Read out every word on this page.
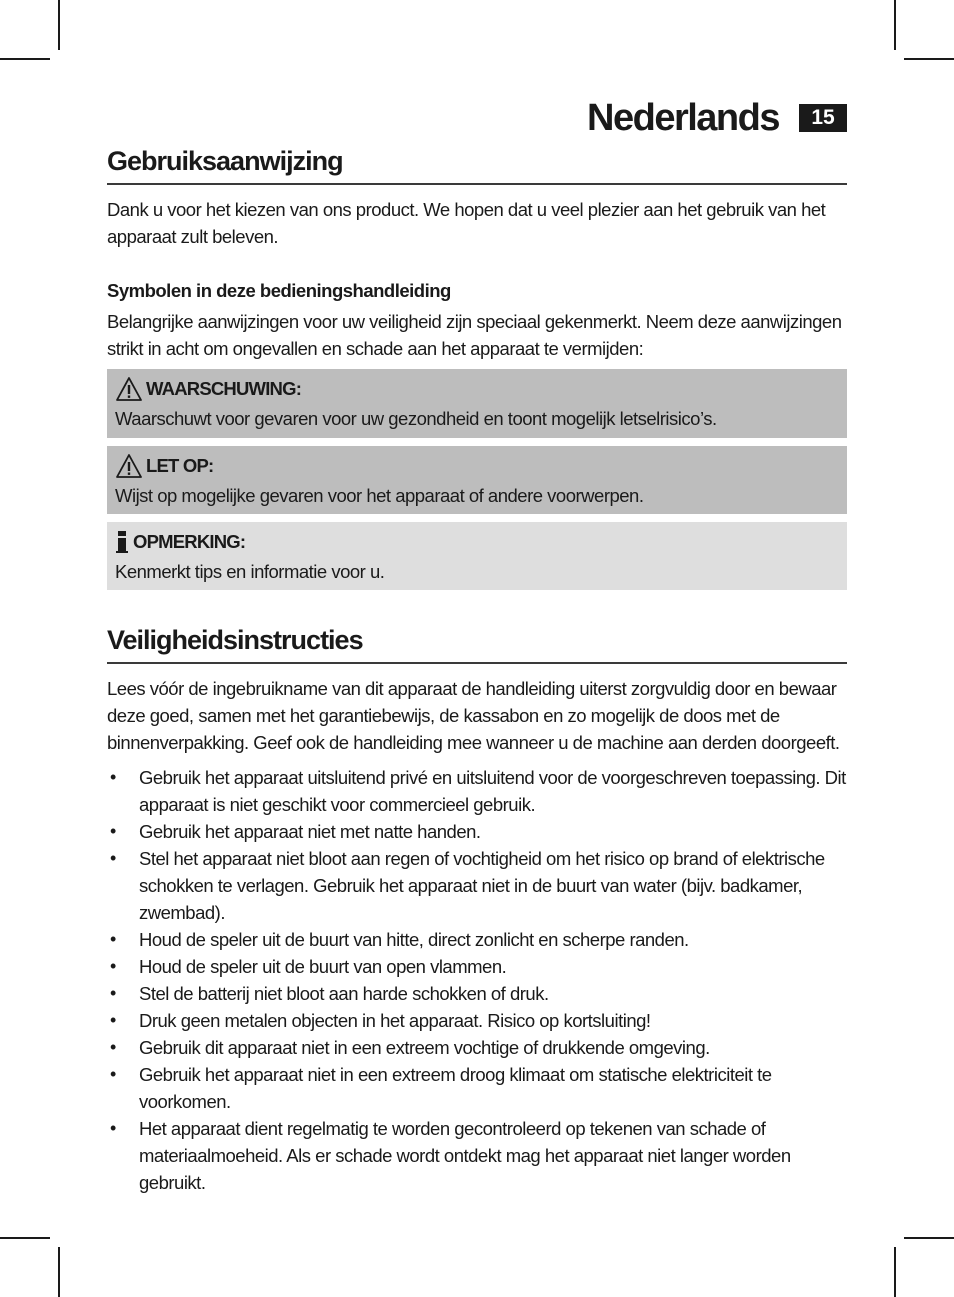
Nederlands	15
Gebruiksaanwijzing

Dank u voor het kiezen van ons product. We hopen dat u veel plezier aan het gebruik van het apparaat zult beleven.

Symbolen in deze bedieningshandleiding

Belangrijke aanwijzingen voor uw veiligheid zijn speciaal gekenmerkt. Neem deze aanwijzingen strikt in acht om ongevallen en schade aan het apparaat te vermijden:

WAARSCHUWING:
Waarschuwt voor gevaren voor uw gezondheid en toont mogelijk letselrisico’s.
LET OP:
Wijst op mogelijke gevaren voor het apparaat of andere voorwerpen.
OPMERKING:
Kenmerkt tips en informatie voor u.
Veiligheidsinstructies

Lees vóór de ingebruikname van dit apparaat de handleiding uiterst zorgvuldig door en bewaar deze goed, samen met het garantiebewijs, de kassabon en zo mogelijk de doos met de binnenverpakking. Geef ook de handleiding mee wanneer u de machine aan derden doorgeeft.

• Gebruik het apparaat uitsluitend privé en uitsluitend voor de voorgeschreven toepassing. Dit apparaat is niet geschikt voor commercieel gebruik.
• Gebruik het apparaat niet met natte handen.
• Stel het apparaat niet bloot aan regen of vochtigheid om het risico op brand of elektrische schokken te verlagen. Gebruik het apparaat niet in de buurt van water (bijv. badkamer, zwembad).
• Houd de speler uit de buurt van hitte, direct zonlicht en scherpe randen.
• Houd de speler uit de buurt van open vlammen.
• Stel de batterij niet bloot aan harde schokken of druk.
• Druk geen metalen objecten in het apparaat. Risico op kortsluiting!
• Gebruik dit apparaat niet in een extreem vochtige of drukkende omgeving.
• Gebruik het apparaat niet in een extreem droog klimaat om statische elektriciteit te voorkomen.
• Het apparaat dient regelmatig te worden gecontroleerd op tekenen van schade of materiaalmoeheid. Als er schade wordt ontdekt mag het apparaat niet langer worden gebruikt.
